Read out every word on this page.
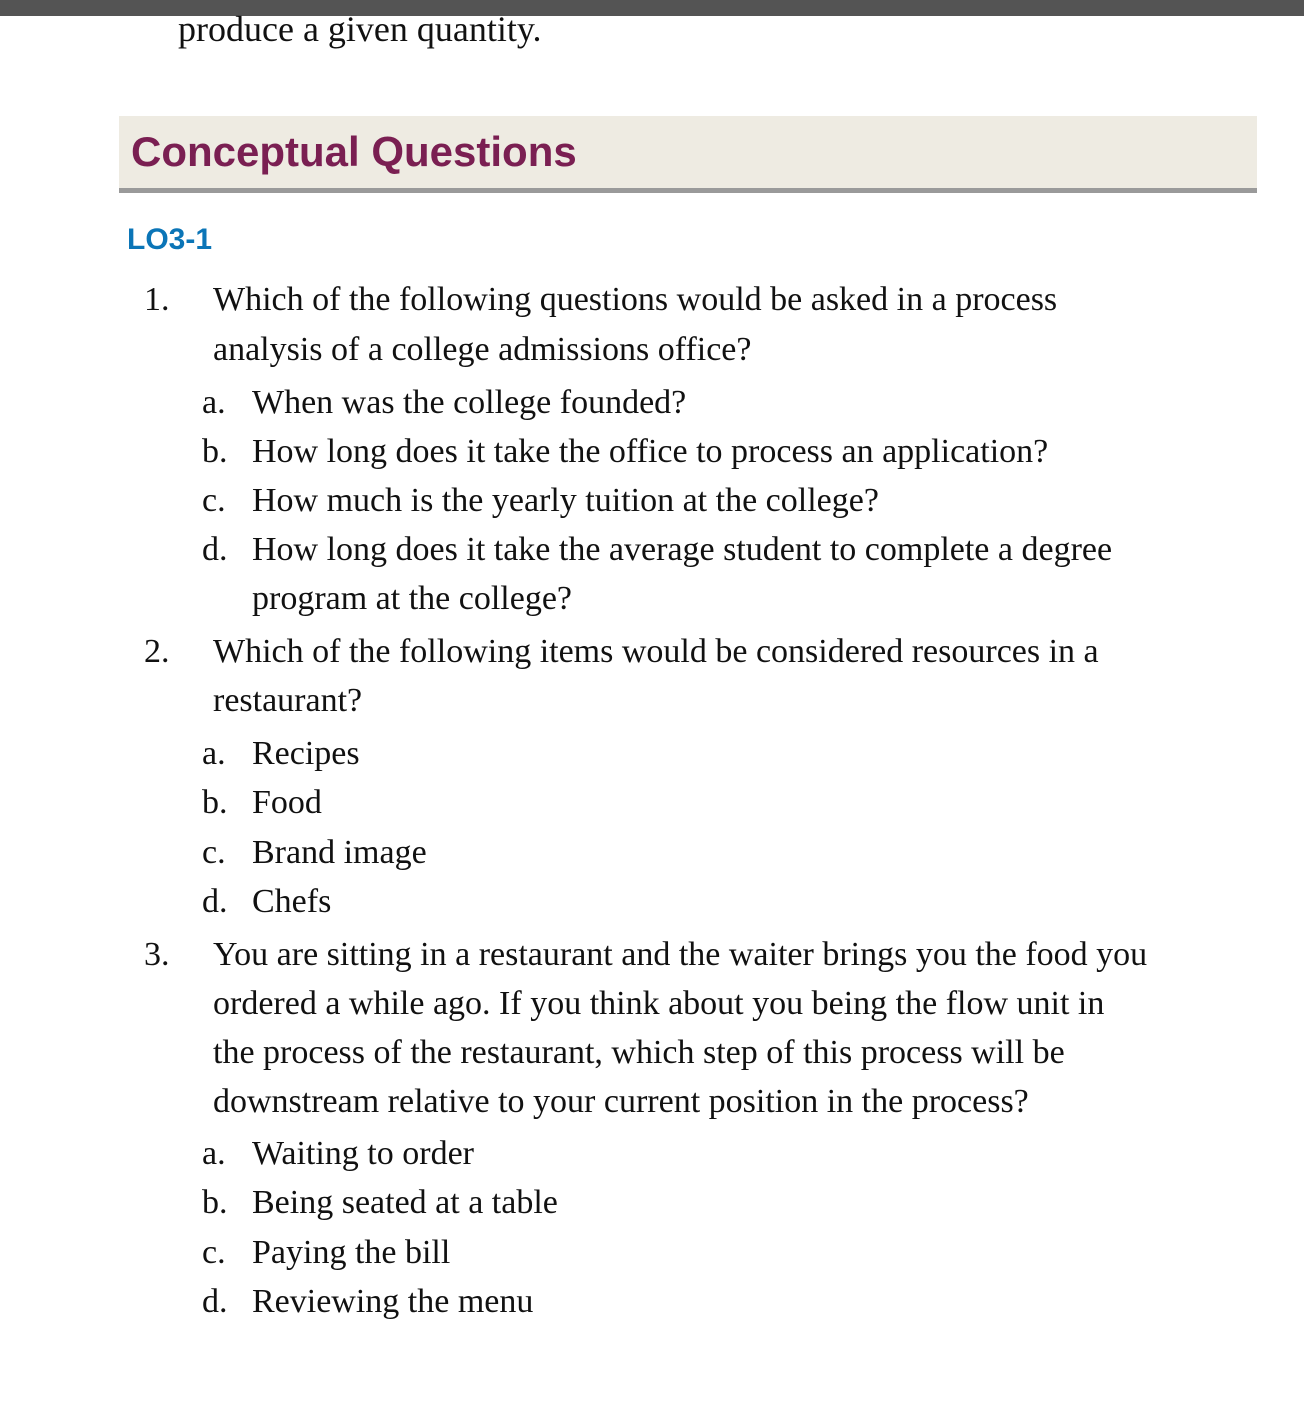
produce a given quantity.
Conceptual Questions
LO3-1
1. Which of the following questions would be asked in a process
analysis of a college admissions office?
a. When was the college founded?
b. How long does it take the office to process an application?
c. How much is the yearly tuition at the college?
d. How long does it take the average student to complete a degree
program at the college?
2. Which of the following items would be considered resources in a
restaurant?
a. Recipes
b. Food
c. Brand image
d. Chefs
3. You are sitting in a restaurant and the waiter brings you the food you
ordered a while ago. If you think about you being the flow unit in
the process of the restaurant, which step of this process will be
downstream relative to your current position in the process?
a. Waiting to order
b. Being seated at a table
c. Paying the bill
d. Reviewing the menu
